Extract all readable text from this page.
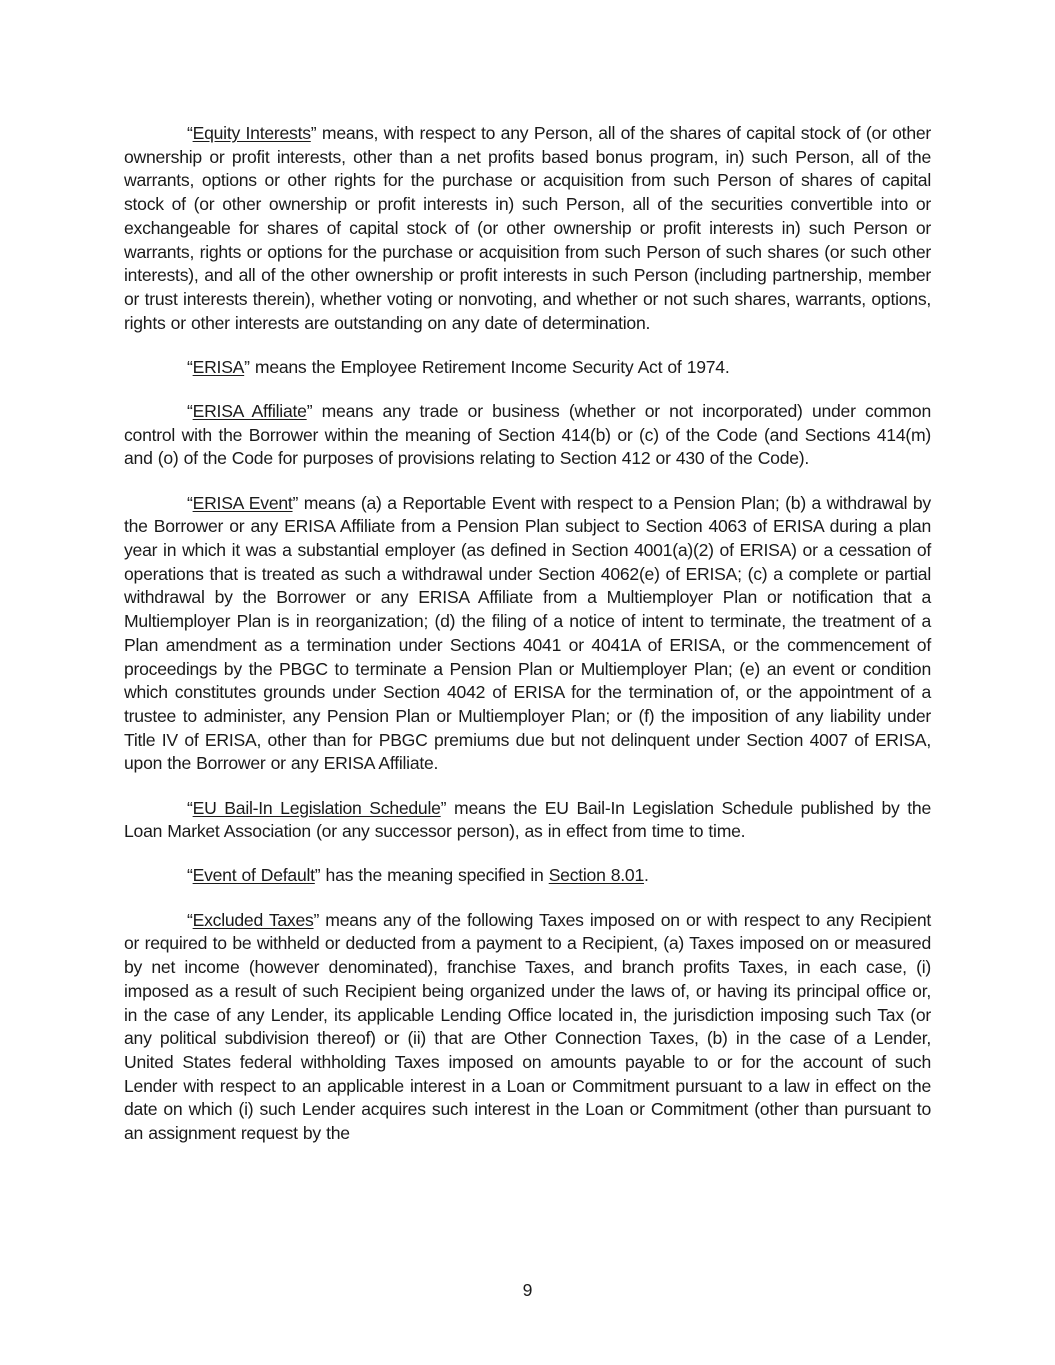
“Equity Interests” means, with respect to any Person, all of the shares of capital stock of (or other ownership or profit interests, other than a net profits based bonus program, in) such Person, all of the warrants, options or other rights for the purchase or acquisition from such Person of shares of capital stock of (or other ownership or profit interests in) such Person, all of the securities convertible into or exchangeable for shares of capital stock of (or other ownership or profit interests in) such Person or warrants, rights or options for the purchase or acquisition from such Person of such shares (or such other interests), and all of the other ownership or profit interests in such Person (including partnership, member or trust interests therein), whether voting or nonvoting, and whether or not such shares, warrants, options, rights or other interests are outstanding on any date of determination.

“ERISA” means the Employee Retirement Income Security Act of 1974.

“ERISA Affiliate” means any trade or business (whether or not incorporated) under common control with the Borrower within the meaning of Section 414(b) or (c) of the Code (and Sections 414(m) and (o) of the Code for purposes of provisions relating to Section 412 or 430 of the Code).

“ERISA Event” means (a) a Reportable Event with respect to a Pension Plan; (b) a withdrawal by the Borrower or any ERISA Affiliate from a Pension Plan subject to Section 4063 of ERISA during a plan year in which it was a substantial employer (as defined in Section 4001(a)(2) of ERISA) or a cessation of operations that is treated as such a withdrawal under Section 4062(e) of ERISA; (c) a complete or partial withdrawal by the Borrower or any ERISA Affiliate from a Multiemployer Plan or notification that a Multiemployer Plan is in reorganization; (d) the filing of a notice of intent to terminate, the treatment of a Plan amendment as a termination under Sections 4041 or 4041A of ERISA, or the commencement of proceedings by the PBGC to terminate a Pension Plan or Multiemployer Plan; (e) an event or condition which constitutes grounds under Section 4042 of ERISA for the termination of, or the appointment of a trustee to administer, any Pension Plan or Multiemployer Plan; or (f) the imposition of any liability under Title IV of ERISA, other than for PBGC premiums due but not delinquent under Section 4007 of ERISA, upon the Borrower or any ERISA Affiliate.

“EU Bail-In Legislation Schedule” means the EU Bail-In Legislation Schedule published by the Loan Market Association (or any successor person), as in effect from time to time.

“Event of Default” has the meaning specified in Section 8.01.

“Excluded Taxes” means any of the following Taxes imposed on or with respect to any Recipient or required to be withheld or deducted from a payment to a Recipient, (a) Taxes imposed on or measured by net income (however denominated), franchise Taxes, and branch profits Taxes, in each case, (i) imposed as a result of such Recipient being organized under the laws of, or having its principal office or, in the case of any Lender, its applicable Lending Office located in, the jurisdiction imposing such Tax (or any political subdivision thereof) or (ii) that are Other Connection Taxes, (b) in the case of a Lender, United States federal withholding Taxes imposed on amounts payable to or for the account of such Lender with respect to an applicable interest in a Loan or Commitment pursuant to a law in effect on the date on which (i) such Lender acquires such interest in the Loan or Commitment (other than pursuant to an assignment request by the

9
